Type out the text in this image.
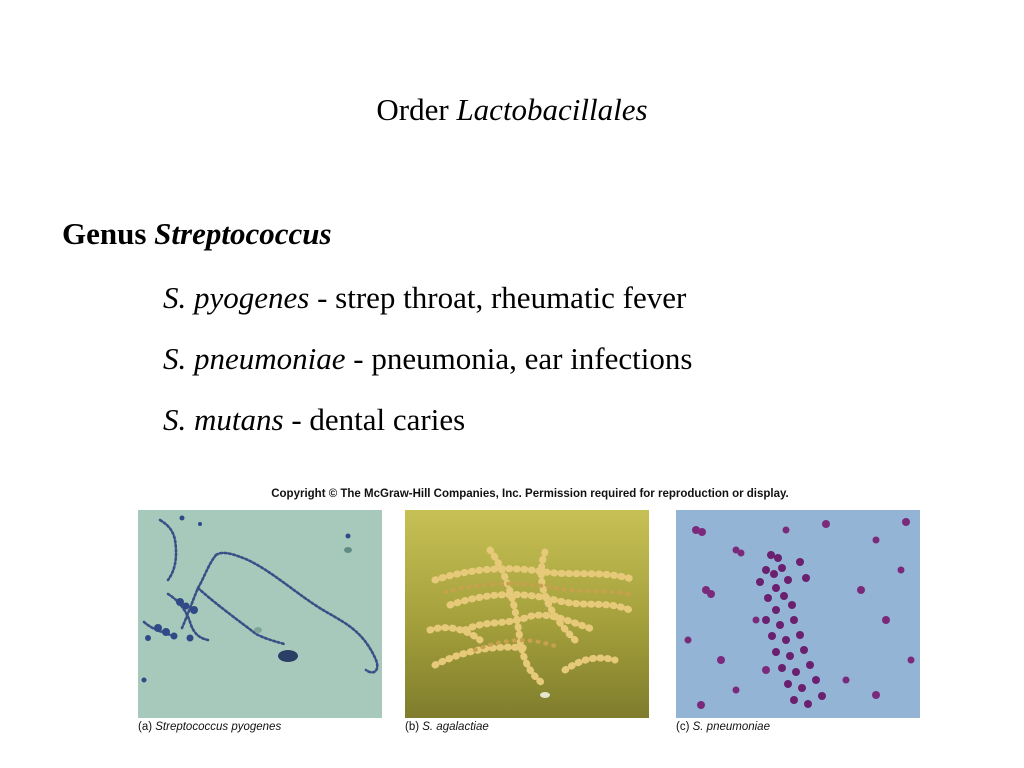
Order Lactobacillales
Genus Streptococcus
S. pyogenes - strep throat, rheumatic fever
S. pneumoniae - pneumonia, ear infections
S. mutans - dental caries
Copyright © The McGraw-Hill Companies, Inc. Permission required for reproduction or display.
(a) Streptococcus pyogenes	(b) S. agalactiae	(c) S. pneumoniae
